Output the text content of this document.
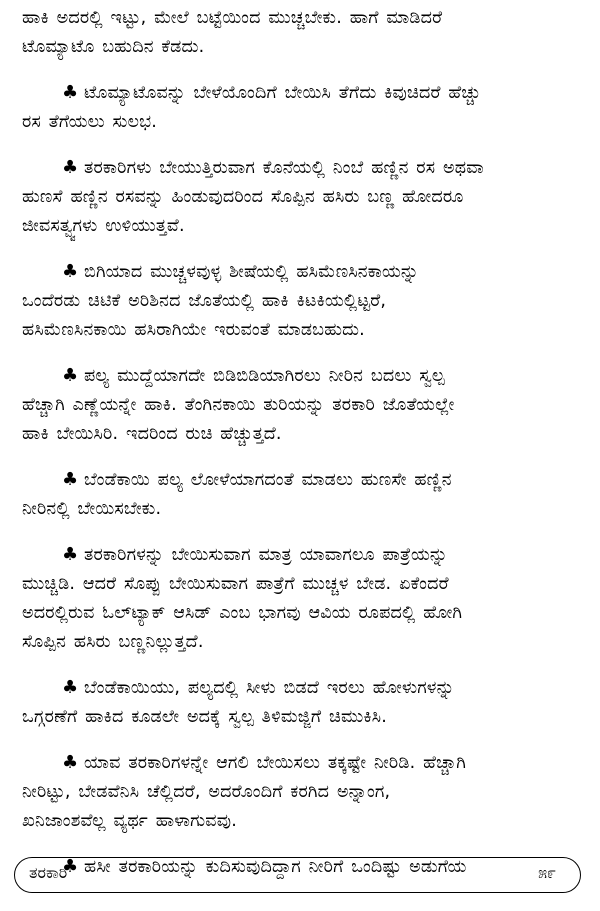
ಹಾಕಿ ಅದರಲ್ಲಿ ಇಟ್ಟು, ಮೇಲೆ ಬಟ್ಟೆಯಿಂದ ಮುಚ್ಚಬೇಕು. ಹಾಗೆ ಮಾಡಿದರೆ
ಟೊಮ್ಯಾಟೊ ಬಹುದಿನ ಕೆಡದು.
♣ ಟೊಮ್ಯಾಟೊವನ್ನು ಬೇಳೆಯೊಂದಿಗೆ ಬೇಯಿಸಿ ತೆಗೆದು ಕಿವುಚಿದರೆ ಹೆಚ್ಚು
ರಸ ತೆಗೆಯಲು ಸುಲಭ.
♣ ತರಕಾರಿಗಳು ಬೇಯುತ್ತಿರುವಾಗ ಕೊನೆಯಲ್ಲಿ ನಿಂಬೆ ಹಣ್ಣಿನ ರಸ ಅಥವಾ
ಹುಣಸೆ ಹಣ್ಣಿನ ರಸವನ್ನು ಹಿಂಡುವುದರಿಂದ ಸೊಪ್ಪಿನ ಹಸಿರು ಬಣ್ಣ ಹೋದರೂ
ಜೀವಸತ್ವ್ವಗಳು ಉಳಿಯುತ್ತವೆ.
♣ ಬಿಗಿಯಾದ ಮುಚ್ಚಳವುಳ್ಳ ಶೀಷೆಯಲ್ಲಿ ಹಸಿಮೆಣಸಿನಕಾಯನ್ನು
ಒಂದೆರಡು ಚಿಟಿಕೆ ಅರಿಶಿನದ ಜೊತೆಯಲ್ಲಿ ಹಾಕಿ ಕಿಟಕಿಯಲ್ಲಿಟ್ಟರೆ,
ಹಸಿಮೆಣಸಿನಕಾಯಿ ಹಸಿರಾಗಿಯೇ ಇರುವಂತೆ ಮಾಡಬಹುದು.
♣ ಪಲ್ಯ ಮುದ್ದೆಯಾಗದೇ ಬಿಡಿಬಿಡಿಯಾಗಿರಲು ನೀರಿನ ಬದಲು ಸ್ವಲ್ಪ
ಹೆಚ್ಚಾಗಿ ಎಣ್ಣೆಯನ್ನೇ ಹಾಕಿ. ತೆಂಗಿನಕಾಯಿ ತುರಿಯನ್ನು ತರಕಾರಿ ಜೊತೆಯಲ್ಲೇ
ಹಾಕಿ ಬೇಯಿಸಿರಿ. ಇದರಿಂದ ರುಚಿ ಹೆಚ್ಚುತ್ತದೆ.
♣ ಬೆಂಡೆಕಾಯಿ ಪಲ್ಯ ಲೋಳೆಯಾಗದಂತೆ ಮಾಡಲು ಹುಣಸೇ ಹಣ್ಣಿನ
ನೀರಿನಲ್ಲಿ ಬೇಯಿಸಬೇಕು.
♣ ತರಕಾರಿಗಳನ್ನು ಬೇಯಿಸುವಾಗ ಮಾತ್ರ ಯಾವಾಗಲೂ ಪಾತ್ರೆಯನ್ನು
ಮುಚ್ಚಿಡಿ. ಆದರೆ ಸೊಪ್ಪು ಬೇಯಿಸುವಾಗ ಪಾತ್ರೆಗೆ ಮುಚ್ಚಳ ಬೇಡ. ಏಕೆಂದರೆ
ಅದರಲ್ಲಿರುವ ಓಲ್‌ಟ್ಯಾಕ್ ಆಸಿಡ್ ಎಂಬ ಭಾಗವು ಆವಿಯ ರೂಪದಲ್ಲಿ ಹೋಗಿ
ಸೊಪ್ಪಿನ ಹಸಿರು ಬಣ್ಣನಿಲ್ಲುತ್ತದೆ.
♣ ಬೆಂಡೆಕಾಯಿಯು, ಪಲ್ಯದಲ್ಲಿ ಸೀಳು ಬಿಡದೆ ಇರಲು ಹೋಳುಗಳನ್ನು
ಒಗ್ಗರಣೆಗೆ ಹಾಕಿದ ಕೂಡಲೇ ಅದಕ್ಕೆ ಸ್ವಲ್ಪ ತಿಳಿಮಜ್ಜಿಗೆ ಚಿಮುಕಿಸಿ.
♣ ಯಾವ ತರಕಾರಿಗಳನ್ನೇ ಆಗಲಿ ಬೇಯಿಸಲು ತಕ್ಕಷ್ಟೇ ನೀರಿಡಿ. ಹೆಚ್ಚಾಗಿ
ನೀರಿಟ್ಟು, ಬೇಡವೆನಿಸಿ ಚೆಲ್ಲಿದರೆ, ಅದರೊಂದಿಗೆ ಕರಗಿದ ಅನ್ನಾಂಗ,
ಖನಿಜಾಂಶವೆಲ್ಲ ವ್ಯರ್ಥ ಹಾಳಾಗುವವು.
♣ ಹಸೀ ತರಕಾರಿಯನ್ನು ಕುದಿಸುವುದಿದ್ದಾಗ ನೀರಿಗೆ ಒಂದಿಷ್ಟು ಅಡುಗೆಯ
ತರಕಾರಿ	೫೯
